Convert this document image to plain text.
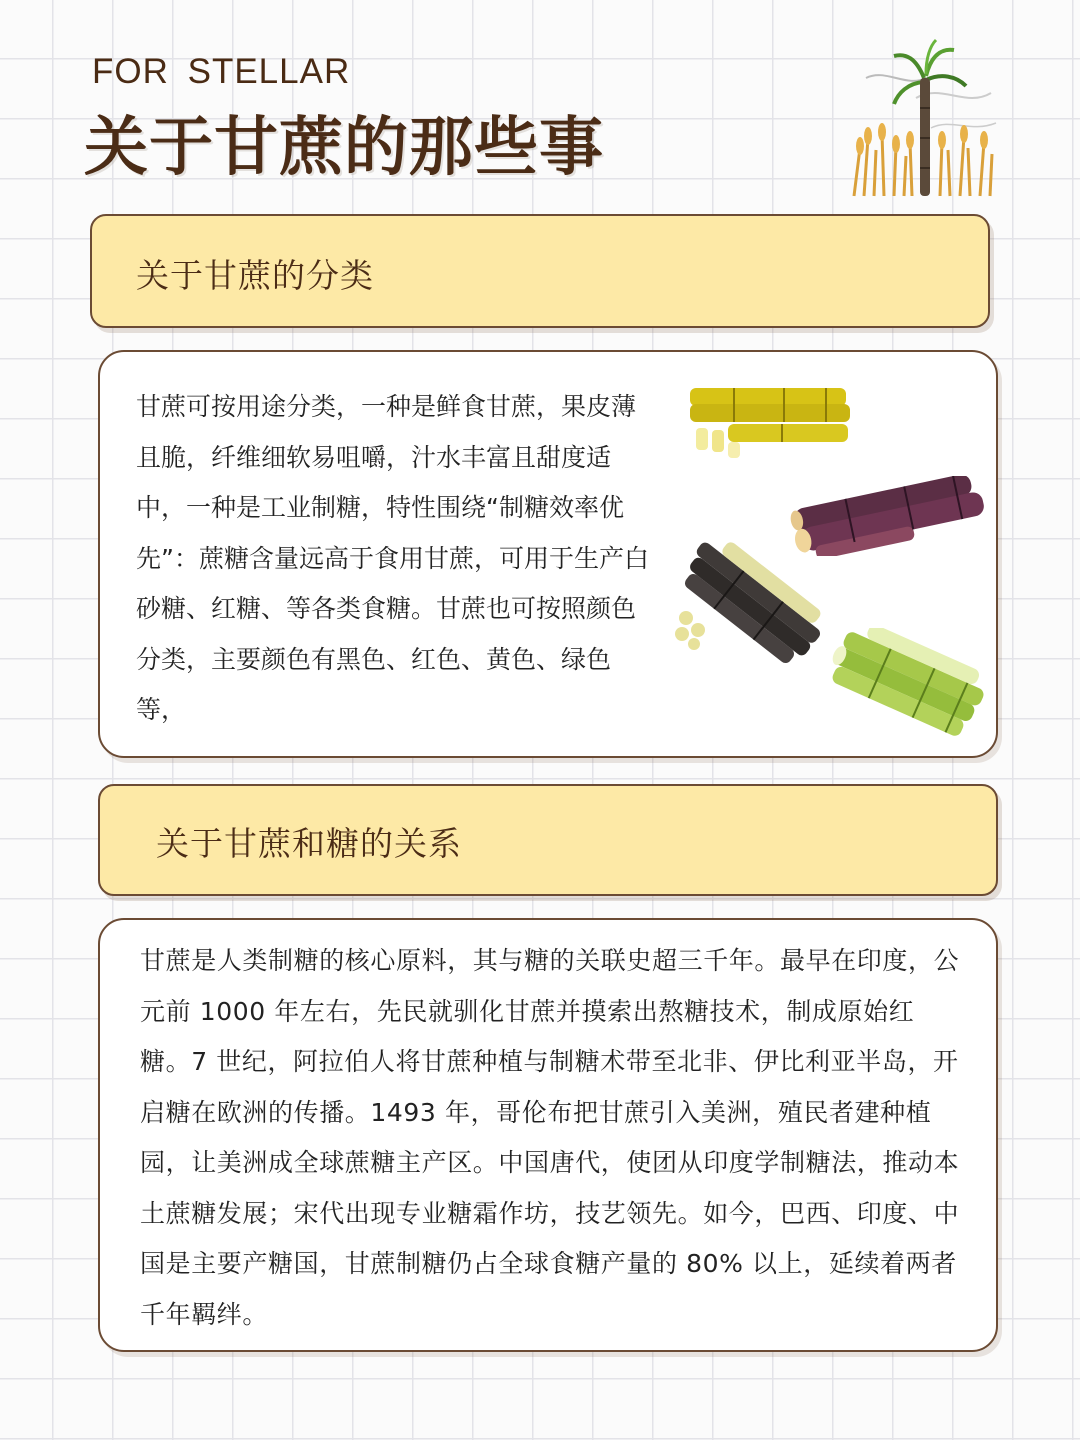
FOR STELLAR
关于甘蔗的那些事
关于甘蔗的分类
甘蔗可按用途分类，一种是鲜食甘蔗，果皮薄且脆，纤维细软易咀嚼，汁水丰富且甜度适中，一种是工业制糖，特性围绕“制糖效率优先”：蔗糖含量远高于食用甘蔗，可用于生产白砂糖、红糖、等各类食糖。甘蔗也可按照颜色分类，主要颜色有黑色、红色、黄色、绿色等，
关于甘蔗和糖的关系
甘蔗是人类制糖的核心原料，其与糖的关联史超三千年。最早在印度，公元前 1000 年左右，先民就驯化甘蔗并摸索出熬糖技术，制成原始红糖。7 世纪，阿拉伯人将甘蔗种植与制糖术带至北非、伊比利亚半岛，开启糖在欧洲的传播。1493 年，哥伦布把甘蔗引入美洲，殖民者建种植园，让美洲成全球蔗糖主产区。中国唐代，使团从印度学制糖法，推动本土蔗糖发展；宋代出现专业糖霜作坊，技艺领先。如今，巴西、印度、中国是主要产糖国，甘蔗制糖仍占全球食糖产量的 80% 以上，延续着两者千年羁绊。
